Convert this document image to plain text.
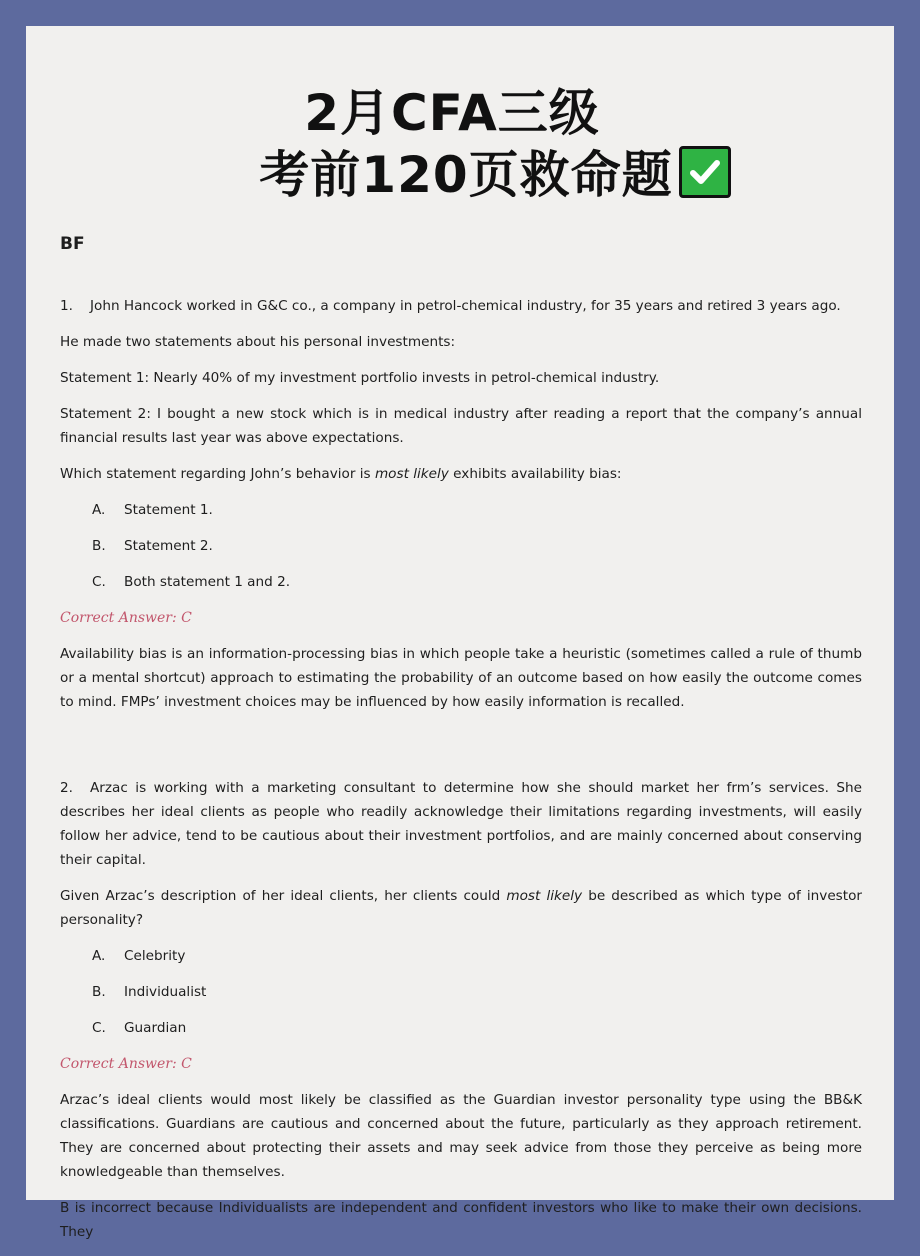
2月CFA三级
考前120页救命题
BF

1. John Hancock worked in G&C co., a company in petrol-chemical industry, for 35 years and retired 3 years ago.

He made two statements about his personal investments:

Statement 1: Nearly 40% of my investment portfolio invests in petrol-chemical industry.

Statement 2: I bought a new stock which is in medical industry after reading a report that the company’s annual financial results last year was above expectations.

Which statement regarding John’s behavior is most likely exhibits availability bias:

A. Statement 1.
B. Statement 2.
C. Both statement 1 and 2.
Correct Answer: C

Availability bias is an information-processing bias in which people take a heuristic (sometimes called a rule of thumb or a mental shortcut) approach to estimating the probability of an outcome based on how easily the outcome comes to mind. FMPs’ investment choices may be influenced by how easily information is recalled.

2. Arzac is working with a marketing consultant to determine how she should market her frm’s services. She describes her ideal clients as people who readily acknowledge their limitations regarding investments, will easily follow her advice, tend to be cautious about their investment portfolios, and are mainly concerned about conserving their capital.

Given Arzac’s description of her ideal clients, her clients could most likely be described as which type of investor personality?

A. Celebrity
B. Individualist
C. Guardian
Correct Answer: C

Arzac’s ideal clients would most likely be classified as the Guardian investor personality type using the BB&K classifications. Guardians are cautious and concerned about the future, particularly as they approach retirement. They are concerned about protecting their assets and may seek advice from those they perceive as being more knowledgeable than themselves.

B is incorrect because Individualists are independent and confident investors who like to make their own decisions. They
